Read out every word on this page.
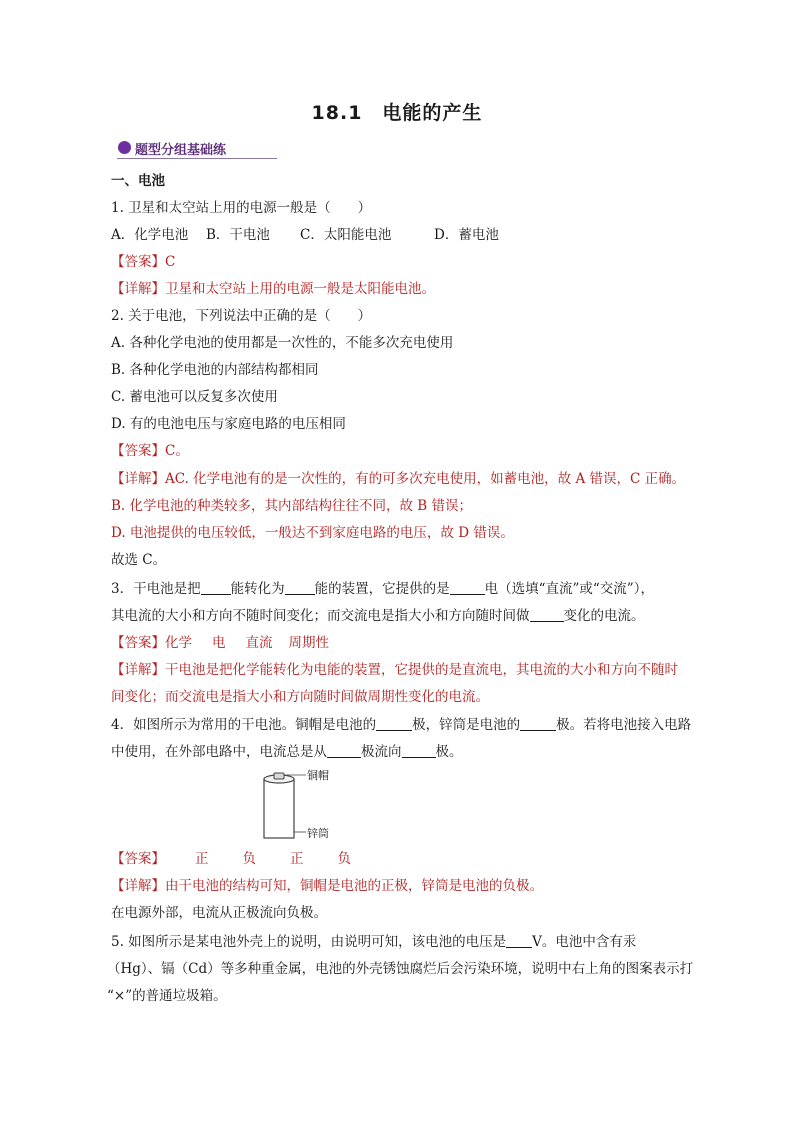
18.1　电能的产生
题型分组基础练
一、电池
1. 卫星和太空站上用的电源一般是（　　）
A．化学电池 B．干电池 C．太阳能电池	D．蓄电池
【答案】C
【详解】卫星和太空站上用的电源一般是太阳能电池。
2. 关于电池，下列说法中正确的是（　　）
A. 各种化学电池的使用都是一次性的，不能多次充电使用
B. 各种化学电池的内部结构都相同
C. 蓄电池可以反复多次使用
D. 有的电池电压与家庭电路的电压相同
【答案】C。
【详解】AC. 化学电池有的是一次性的，有的可多次充电使用，如蓄电池，故 A 错误，C 正确。
B. 化学电池的种类较多，其内部结构往往不同，故 B 错误；
D. 电池提供的电压较低，一般达不到家庭电路的电压，故 D 错误。
故选 C。
3．干电池是把 能转化为 能的装置，它提供的是	电（选填“直流”或“交流”），
其电流的大小和方向不随时间变化；而交流电是指大小和方向随时间做	变化的电流。
【答案】化学 电 直流 周期性
【详解】干电池是把化学能转化为电能的装置，它提供的是直流电，其电流的大小和方向不随时
间变化；而交流电是指大小和方向随时间做周期性变化的电流。
4．如图所示为常用的干电池。铜帽是电池的	极，锌筒是电池的	极。若将电池接入电路
中使用，在外部电路中，电流总是从	极流向	极。
铜帽
锌筒
【答案】 正	负	正	负
【详解】由干电池的结构可知，铜帽是电池的正极，锌筒是电池的负极。
在电源外部，电流从正极流向负极。
5. 如图所示是某电池外壳上的说明，由说明可知，该电池的电压是 V。电池中含有汞
（Hg）、镉（Cd）等多种重金属，电池的外壳锈蚀腐烂后会污染环境，说明中右上角的图案表示打
“×”的普通垃圾箱。
